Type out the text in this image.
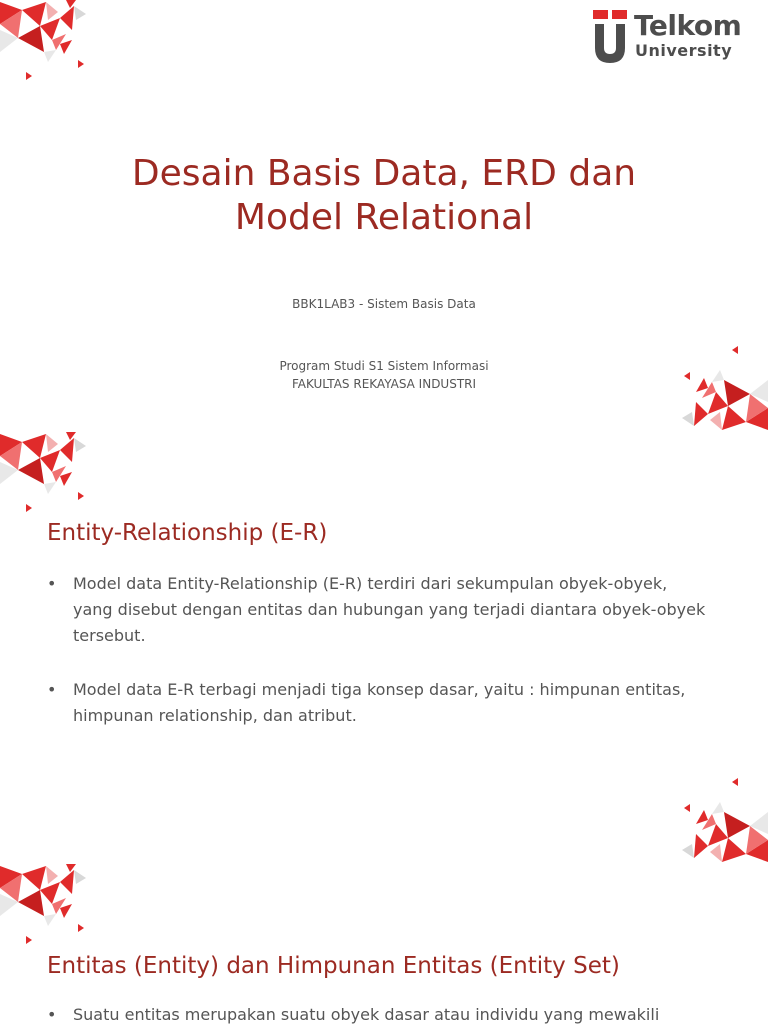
Telkom
University
Desain Basis Data, ERD dan
Model Relational
BBK1LAB3 - Sistem Basis Data
Program Studi S1 Sistem Informasi
FAKULTAS REKAYASA INDUSTRI
Entity-Relationship (E-R)
• Model data Entity-Relationship (E-R) terdiri dari sekumpulan obyek-obyek, yang disebut dengan entitas dan hubungan yang terjadi diantara obyek-obyek tersebut.
• Model data E-R terbagi menjadi tiga konsep dasar, yaitu : himpunan entitas, himpunan relationship, dan atribut.
Entitas (Entity) dan Himpunan Entitas (Entity Set)
• Suatu entitas merupakan suatu obyek dasar atau individu yang mewakili
